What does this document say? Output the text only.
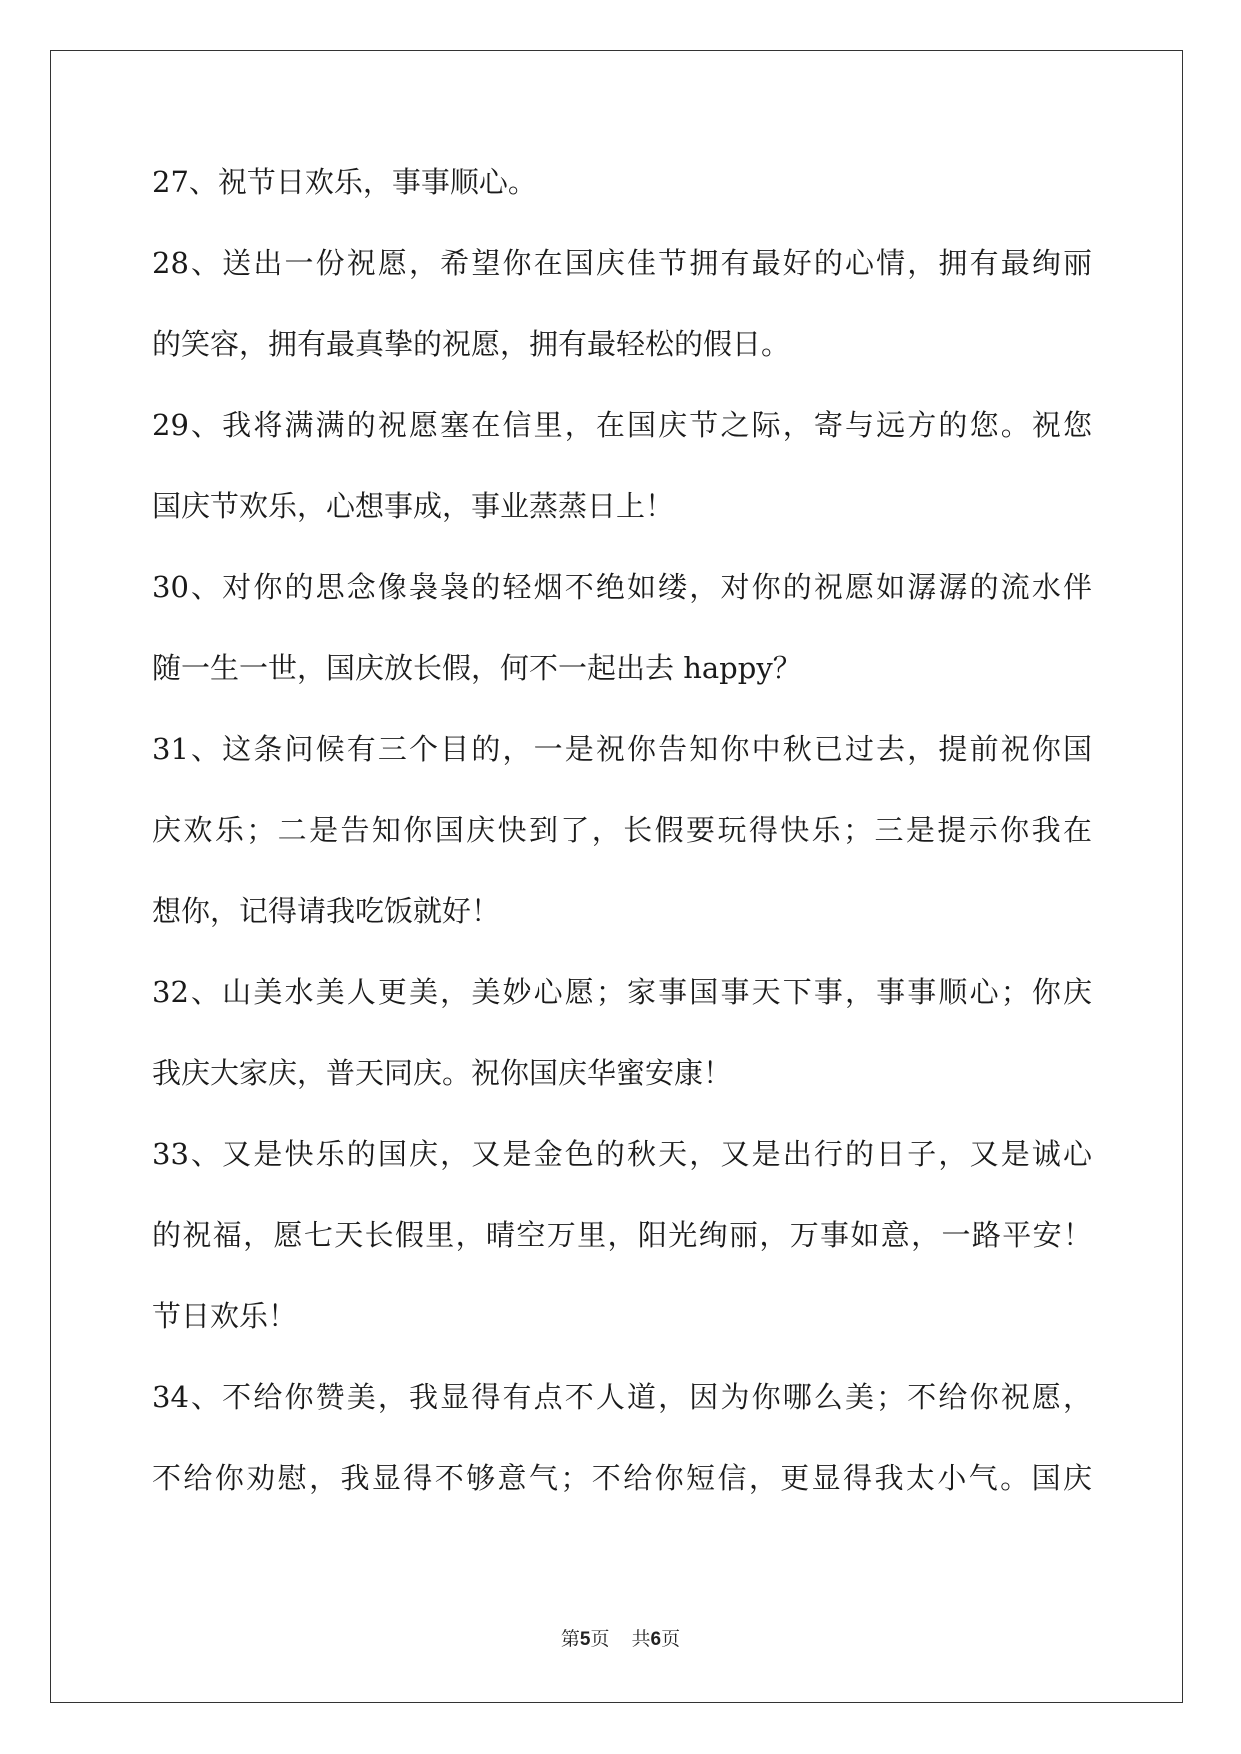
27、祝节日欢乐，事事顺心。
28、送出一份祝愿，希望你在国庆佳节拥有最好的心情，拥有最绚丽
的笑容，拥有最真挚的祝愿，拥有最轻松的假日。
29、我将满满的祝愿塞在信里，在国庆节之际，寄与远方的您。祝您
国庆节欢乐，心想事成，事业蒸蒸日上！
30、对你的思念像袅袅的轻烟不绝如缕，对你的祝愿如潺潺的流水伴
随一生一世，国庆放长假，何不一起出去 happy？
31、这条问候有三个目的，一是祝你告知你中秋已过去，提前祝你国
庆欢乐；二是告知你国庆快到了，长假要玩得快乐；三是提示你我在
想你，记得请我吃饭就好！
32、山美水美人更美，美妙心愿；家事国事天下事，事事顺心；你庆
我庆大家庆，普天同庆。祝你国庆华蜜安康！
33、又是快乐的国庆，又是金色的秋天，又是出行的日子，又是诚心
的祝福，愿七天长假里，晴空万里，阳光绚丽，万事如意，一路平安！
节日欢乐！
34、不给你赞美，我显得有点不人道，因为你哪么美；不给你祝愿，
不给你劝慰，我显得不够意气；不给你短信，更显得我太小气。国庆
第5页 共6页
